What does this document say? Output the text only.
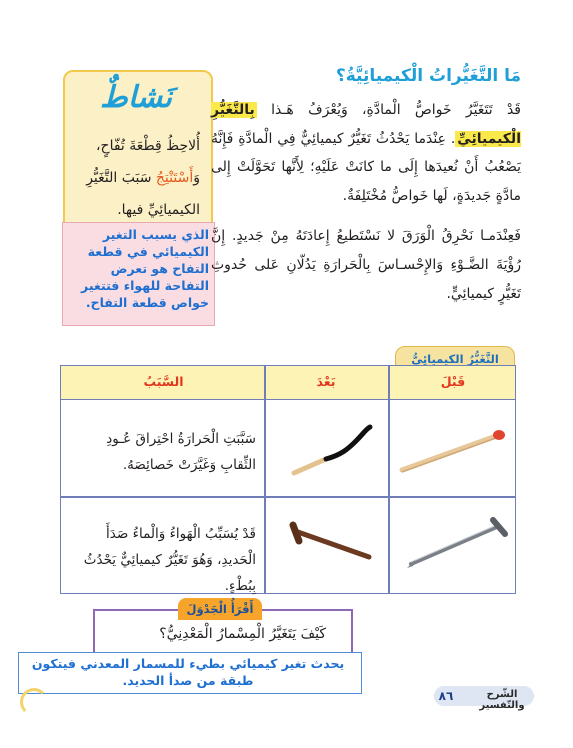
نَشاطٌ
أُلاحِظُ قِطْعَةَ تُفّاحٍ،
وَأَسْتَنْتِجُ سَبَبَ التَّغَيُّرِ
الكيميائِيِّ فيها.
الذي يسبب التغير الكيميائي في قطعة التفاح هو تعرض التفاحة للهواء فتتغير خواص قطعة التفاح.
مَا التَّغَيُّراتُ الْكيميائِيَّةُ؟
قَدْ تَتَغَيَّرُ خَواصُّ الْمادَّةِ، وَيُعْرَفُ هَـذا بِالتَّغَيُّرِ الْكيميائِيِّ. عِنْدَما يَحْدُثُ تَغَيُّرٌ كيميائِيٌّ فِي الْمادَّةِ فَإِنَّهُ يَصْعُبُ أَنْ نُعيدَها إِلَى ما كانَتْ عَلَيْهِ؛ لِأَنَّها تَحَوَّلَتْ إِلى مادَّةٍ جَديدَةٍ، لَها خَواصُّ مُخْتَلِفَةٌ.
فَعِنْدَمـا نَحْرِقُ الْوَرَقَ لا نَسْتَطيعُ إِعادَتَهُ مِنْ جَديدٍ. إِنَّ رُؤْيَةَ الضَّـوْءِ وَالإِحْسـاسَ بِالْحَرارَةِ يَدُلّانِ عَلى حُدوثِ تَغَيُّرٍ كيميائِيٍّ.
التَّغَيُّرُ الكيميائِيُّ
قَبْلَ
بَعْدَ
السَّبَبُ
سَبَّبَتِ الْحَرارَةُ احْتِراقَ عُـودِ الثِّقابِ وَغَيَّرَتْ خَصائِصَهُ.
قَدْ يُسَبِّبُ الْهَواءُ وَالْماءُ صَدَأَ الْحَديدِ، وَهُوَ تَغَيُّرٌ كيميائِيٌّ يَحْدُثُ بِبُطْءٍ.
أَقْرَأُ الْجَدْوَلَ
كَيْفَ يَتَغَيَّرُ الْمِسْمارُ الْمَعْدِنِيُّ؟
يحدث تغير كيميائي بطيء للمسمار المعدني فيتكون طبقة من صدأ الحديد.
٨٦	الشّرح والتّفسير
